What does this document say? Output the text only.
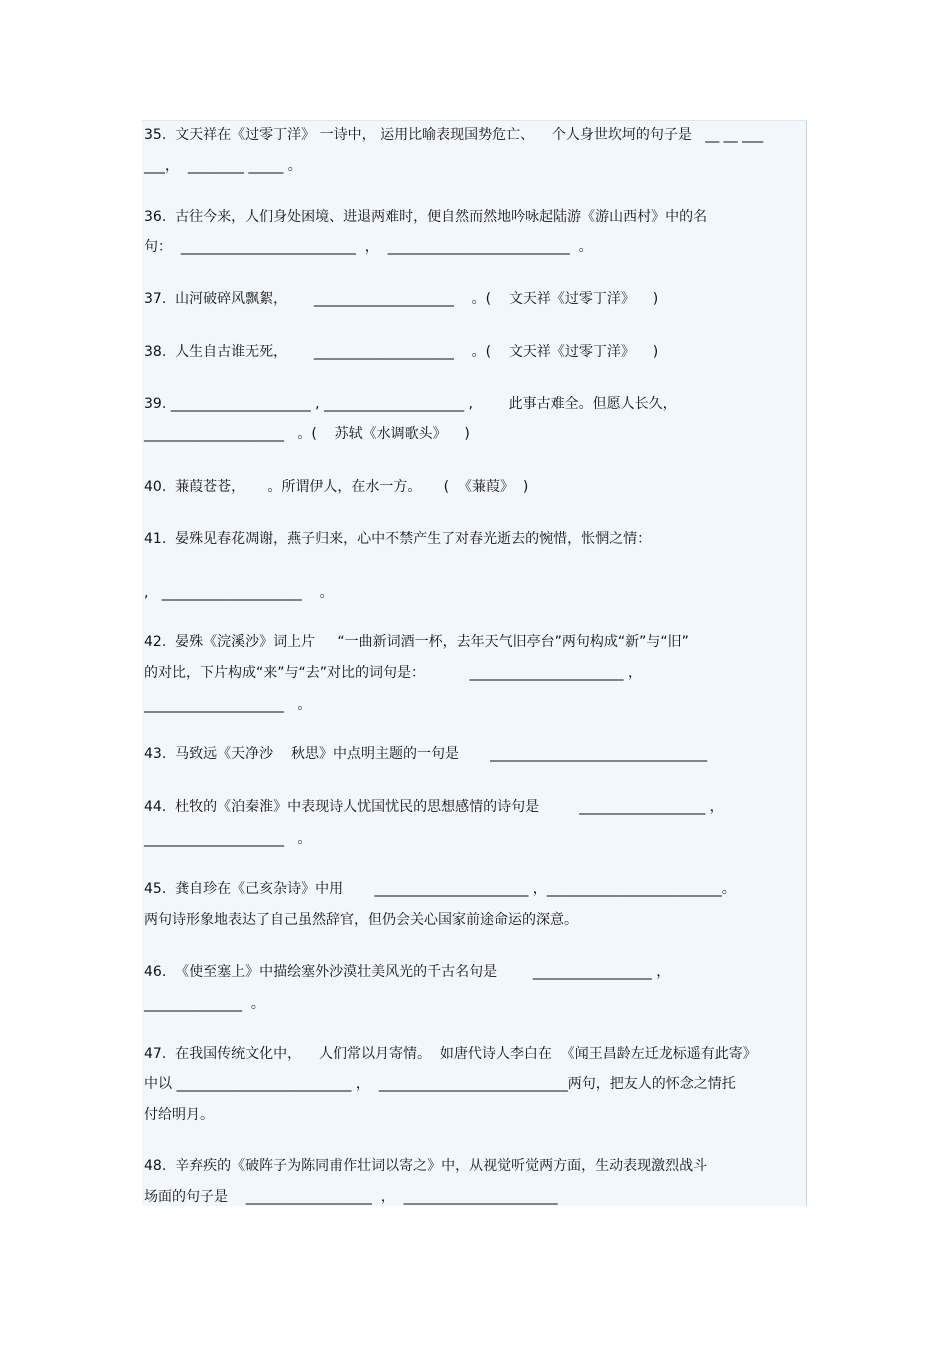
35.  文天祥在《过零丁洋》 一诗中， 运用比喻表现国势危亡、    个人身世坎坷的句子是   __ __ ___
___，  ________ _____ 。
36.  古往今来，人们身处困境、进退两难时，便自然而然地吟咏起陆游《游山西村》中的名
句：  _________________________  ，  __________________________  。
37.  山河破碎风飘絮，      ____________________    。(    文天祥《过零丁洋》    )
38.  人生自古谁无死，      ____________________    。(    文天祥《过零丁洋》    )
39. ____________________ , ____________________ ,        此事古难全。但愿人长久，
____________________   。(    苏轼《水调歌头》    )
40.  蒹葭苍苍，     。所谓伊人，在水一方。     (  《蒹葭》  )
41.  晏殊见春花凋谢，燕子归来，心中不禁产生了对春光逝去的惋惜，怅惘之情：
,   ____________________    。
42.  晏殊《浣溪沙》词上片     “一曲新词酒一杯，去年天气旧亭台”两句构成“新”与“旧”
的对比，下片构成“来”与“去”对比的词句是：          ______________________ ，
____________________   。
43.  马致远《天净沙    秋思》中点明主题的一句是       _______________________________
44.  杜牧的《泊秦淮》中表现诗人忧国忧民的思想感情的诗句是         __________________ ，
____________________   。
45.  龚自珍在《己亥杂诗》中用       ______________________ ，_________________________。
两句诗形象地表达了自己虽然辞官，但仍会关心国家前途命运的深意。
46.  《使至塞上》中描绘塞外沙漠壮美风光的千古名句是        _________________ ，
______________  。
47.  在我国传统文化中，    人们常以月寄情。  如唐代诗人李白在  《闻王昌龄左迁龙标遥有此寄》
中以 _________________________ ，  ___________________________两句，把友人的怀念之情托
付给明月。
48.  辛弃疾的《破阵子为陈同甫作壮词以寄之》中，从视觉听觉两方面，生动表现激烈战斗
场面的句子是    __________________  ，  ______________________
